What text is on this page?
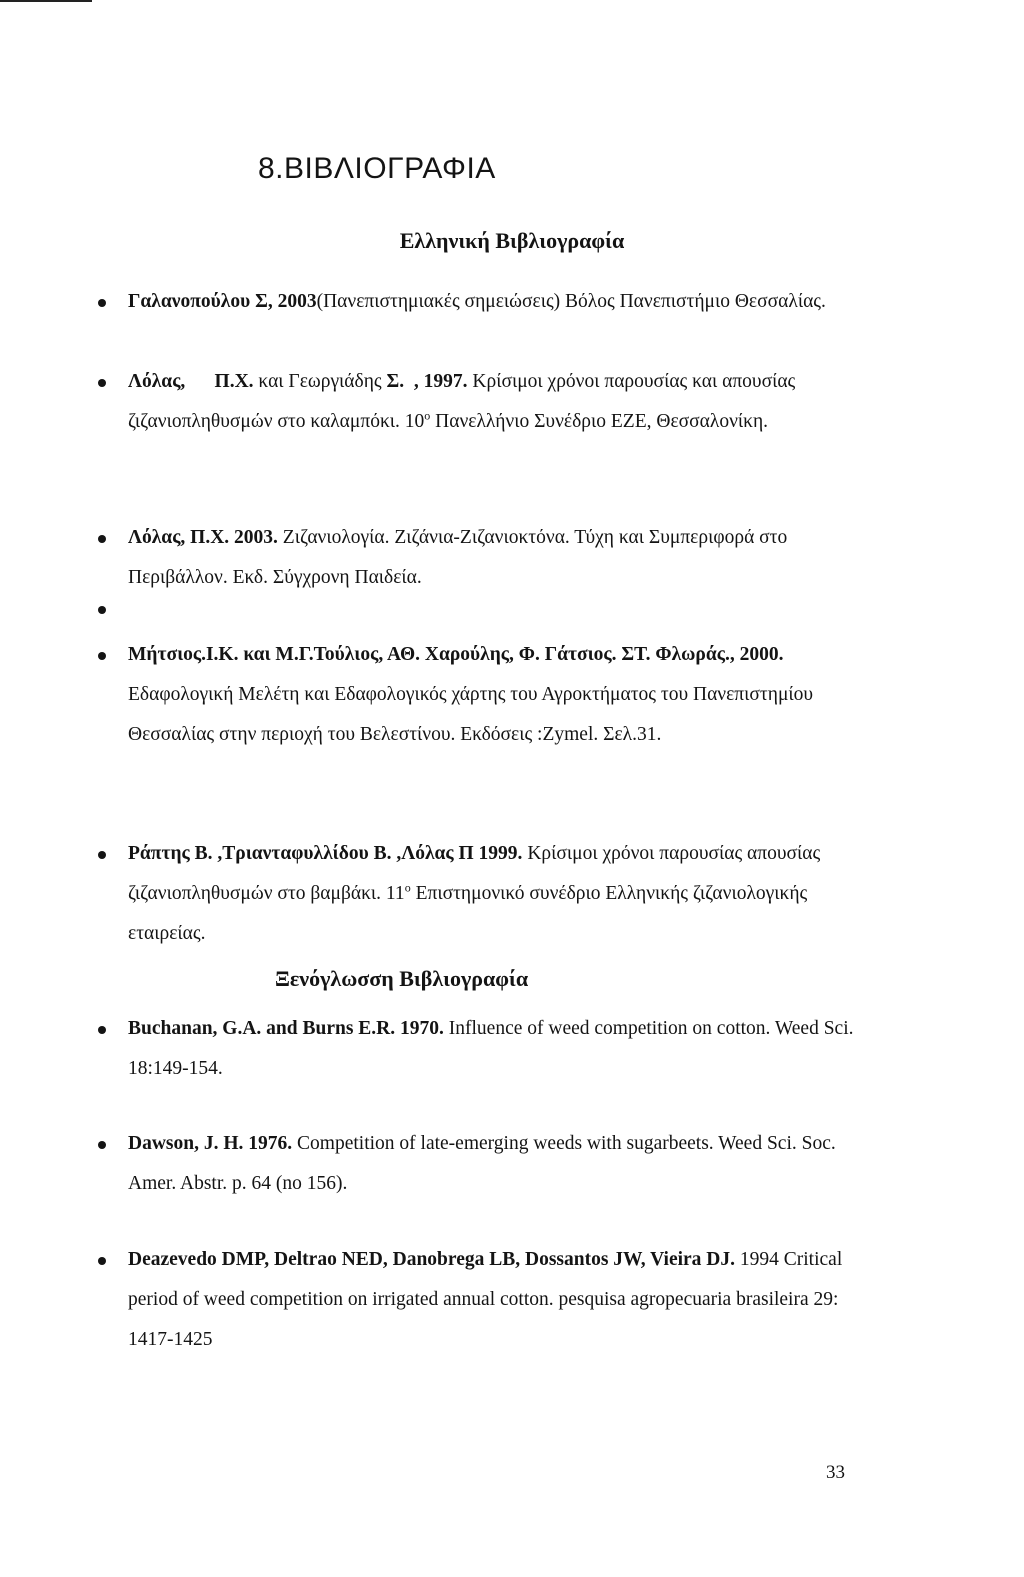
8.ΒΙΒΛΙΟΓΡΑΦΙΑ
Ελληνική Βιβλιογραφία
Γαλανοπούλου Σ, 2003(Πανεπιστημιακές σημειώσεις) Βόλος Πανεπιστήμιο Θεσσαλίας.
Λόλας,      Π.Χ. και Γεωργιάδης Σ.  , 1997. Κρίσιμοι χρόνοι παρουσίας και απουσίας ζιζανιοπληθυσμών στο καλαμπόκι. $10^o$ Πανελλήνιο Συνέδριο ΕΖΕ, Θεσσαλονίκη.
Λόλας, Π.Χ. 2003. Ζιζανιολογία. Ζιζάνια-Ζιζανιοκτόνα. Τύχη και Συμπεριφορά στο Περιβάλλον. Εκδ. Σύγχρονη Παιδεία.
Μήτσιος.Ι.Κ. και Μ.Γ.Τούλιος, ΑΘ. Χαρούλης, Φ. Γάτσιος. ΣΤ. Φλωράς., 2000. Εδαφολογική Μελέτη και Εδαφολογικός χάρτης του Αγροκτήματος του Πανεπιστημίου Θεσσαλίας στην περιοχή του Βελεστίνου. Εκδόσεις :Zymel. Σελ.31.
Ράπτης Β. ,Τριανταφυλλίδου Β. ,Λόλας Π 1999. Κρίσιμοι χρόνοι παρουσίας απουσίας ζιζανιοπληθυσμών στο βαμβάκι. $11^o$ Επιστημονικό συνέδριο Ελληνικής ζιζανιολογικής εταιρείας.
Ξενόγλωσση Βιβλιογραφία
Buchanan, G.A. and Burns E.R. 1970. Influence of weed competition on cotton. Weed Sci. 18:149-154.
Dawson, J. H. 1976. Competition of late-emerging weeds with sugarbeets. Weed Sci. Soc. Amer. Abstr. p. 64 (no 156).
Deazevedo DMP, Deltrao NED, Danobrega LB, Dossantos JW, Vieira DJ. 1994 Critical period of weed competition on irrigated annual cotton. pesquisa agropecuaria brasileira 29: 1417-1425

33
